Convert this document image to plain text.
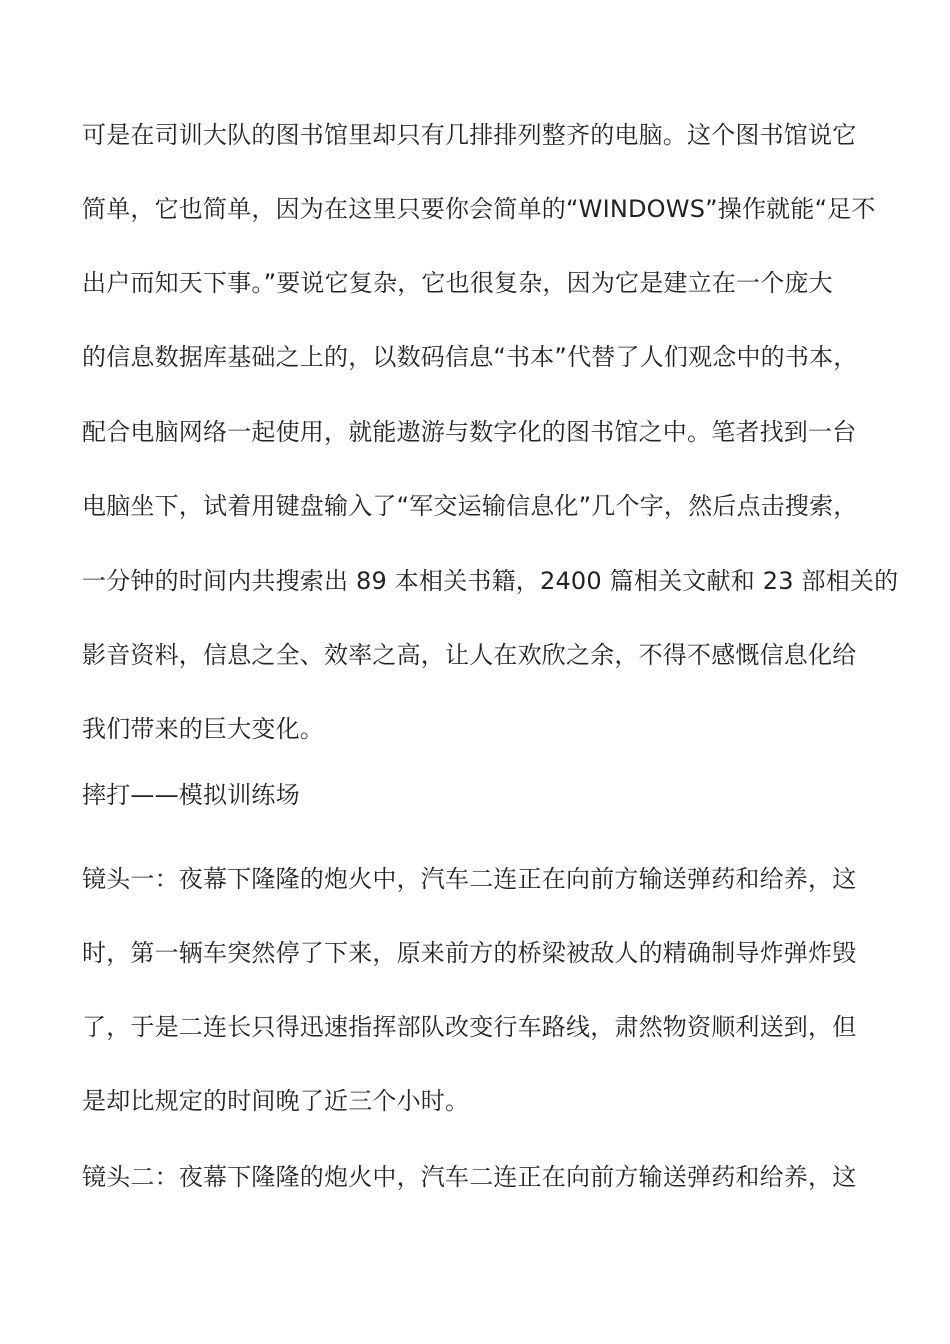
可是在司训大队的图书馆里却只有几排排列整齐的电脑。这个图书馆说它
简单，它也简单，因为在这里只要你会简单的“WINDOWS”操作就能“足不
出户而知天下事。”要说它复杂，它也很复杂，因为它是建立在一个庞大
的信息数据库基础之上的，以数码信息“书本”代替了人们观念中的书本，
配合电脑网络一起使用，就能遨游与数字化的图书馆之中。笔者找到一台
电脑坐下，试着用键盘输入了“军交运输信息化”几个字，然后点击搜索，
一分钟的时间内共搜索出 89 本相关书籍，2400 篇相关文献和 23 部相关的
影音资料，信息之全、效率之高，让人在欢欣之余，不得不感慨信息化给
我们带来的巨大变化。
摔打——模拟训练场
镜头一：夜幕下隆隆的炮火中，汽车二连正在向前方输送弹药和给养，这
时，第一辆车突然停了下来，原来前方的桥梁被敌人的精确制导炸弹炸毁
了，于是二连长只得迅速指挥部队改变行车路线，肃然物资顺利送到，但
是却比规定的时间晚了近三个小时。
镜头二：夜幕下隆隆的炮火中，汽车二连正在向前方输送弹药和给养，这
